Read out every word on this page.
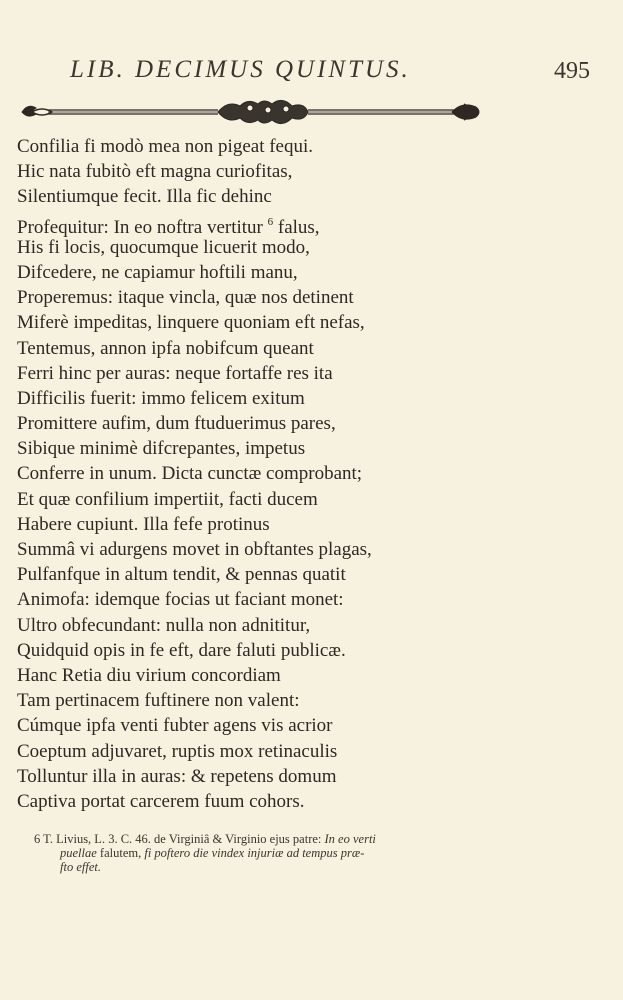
LIB. DECIMUS QUINTUS.	495
Confilia fi modò mea non pigeat fequi.
Hic nata fubitò eft magna curiofitas,
Silentiumque fecit. Illa fic dehinc
Profequitur: In eo noftra vertitur $^6$ falus,
His fi locis, quocumque licuerit modo,
Difcedere, ne capiamur hoftili manu,
Properemus: itaque vincla, quæ nos detinent
Miferè impeditas, linquere quoniam eft nefas,
Tentemus, annon ipfa nobifcum queant
Ferri hinc per auras: neque fortaffe res ita
Difficilis fuerit: immo felicem exitum
Promittere aufim, dum ftuduerimus pares,
Sibique minimè difcrepantes, impetus
Conferre in unum. Dicta cunctæ comprobant;
Et quæ confilium impertiit, facti ducem
Habere cupiunt. Illa fefe protinus
Summâ vi adurgens movet in obftantes plagas,
Pulfanfque in altum tendit, & pennas quatit
Animofa: idemque focias ut faciant monet:
Ultro obfecundant: nulla non adnititur,
Quidquid opis in fe eft, dare faluti publicæ.
Hanc Retia diu virium concordiam
Tam pertinacem fuftinere non valent:
Cúmque ipfa venti fubter agens vis acrior
Coeptum adjuvaret, ruptis mox retinaculis
Tolluntur illa in auras: & repetens domum
Captiva portat carcerem fuum cohors.
6 T. Livius, L. 3. C. 46. de Virginiâ & Virginio ejus patre: In eo verti
puellae falutem, fi poftero die vindex injuriæ ad tempus præ-
fto effet.
